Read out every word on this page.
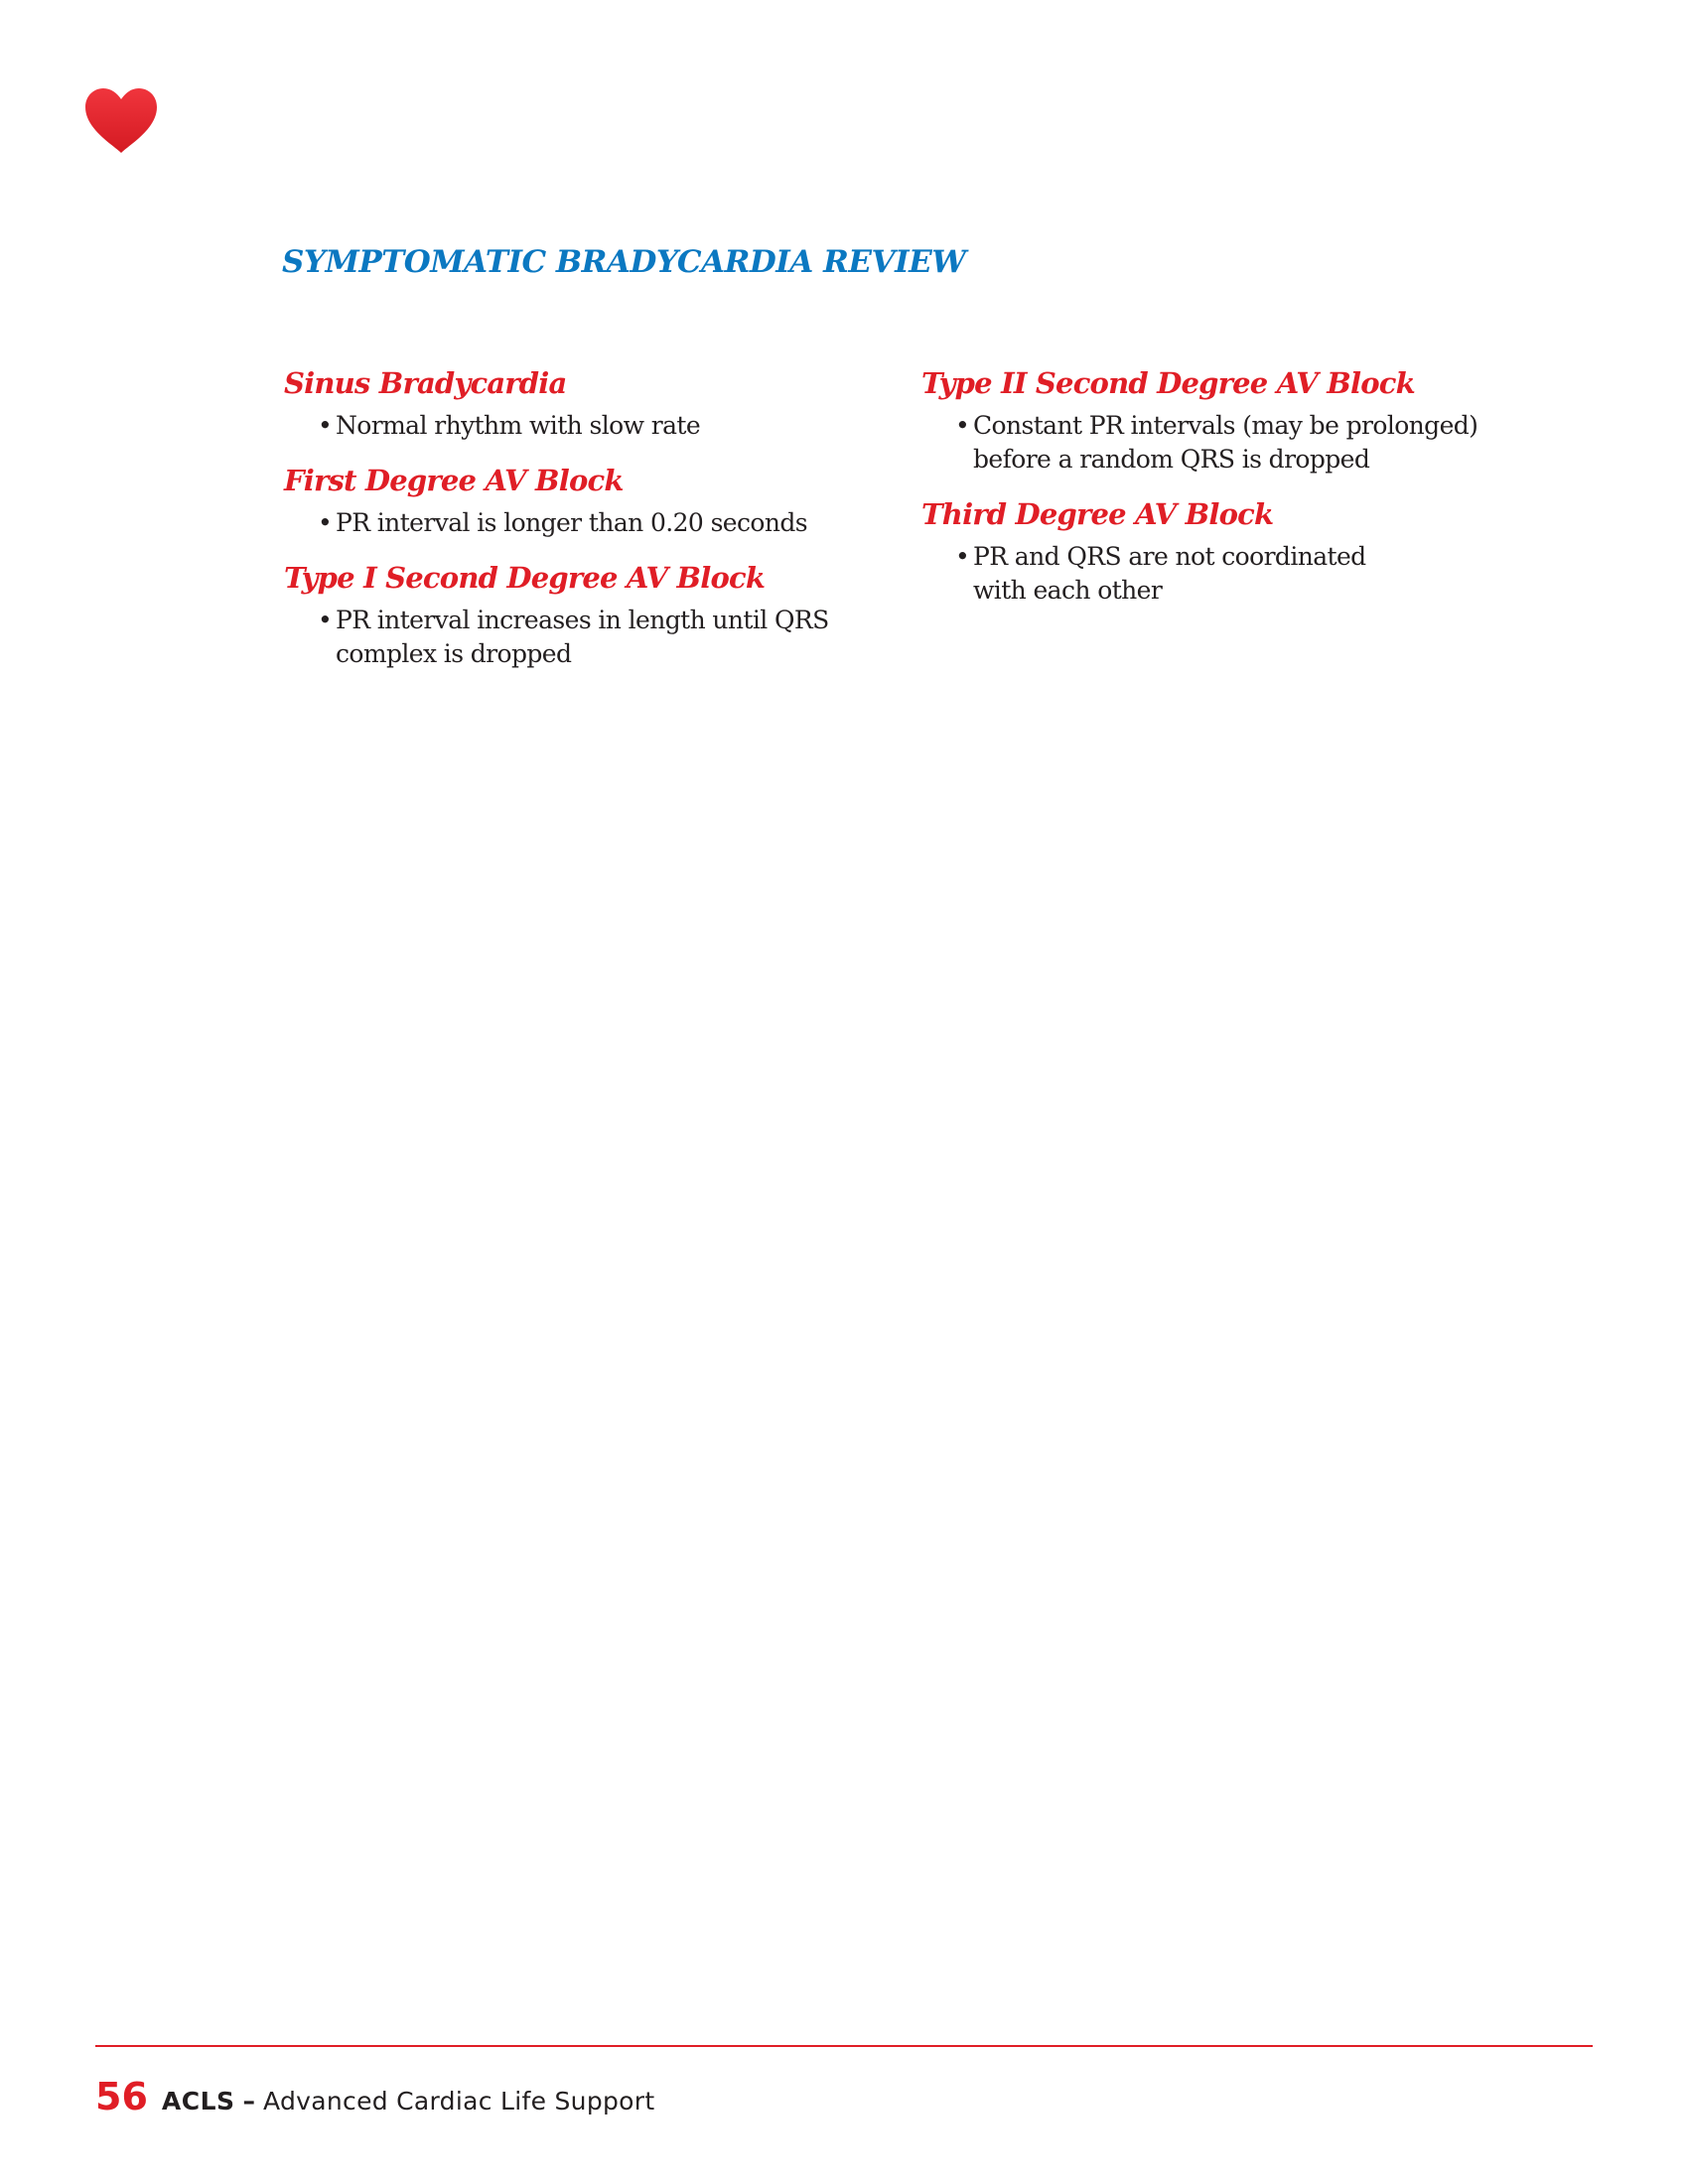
SYMPTOMATIC BRADYCARDIA REVIEW
Sinus Bradycardia
• Normal rhythm with slow rate
First Degree AV Block
• PR interval is longer than 0.20 seconds
Type I Second Degree AV Block
• PR interval increases in length until QRS complex is dropped
Type II Second Degree AV Block
• Constant PR intervals (may be prolonged) before a random QRS is dropped
Third Degree AV Block
• PR and QRS are not coordinated with each other
56 ACLS – Advanced Cardiac Life Support
